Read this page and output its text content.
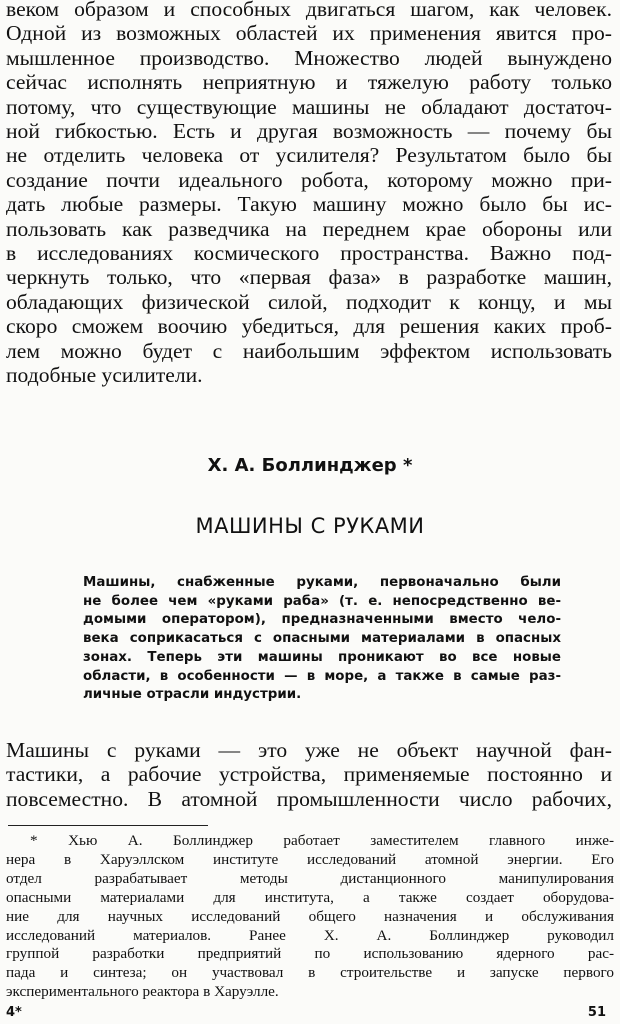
веком образом и способных двигаться шагом, как человек.
Одной из возможных областей их применения явится про-
мышленное производство. Множество людей вынуждено
сейчас исполнять неприятную и тяжелую работу только
потому, что существующие машины не обладают достаточ-
ной гибкостью. Есть и другая возможность — почему бы
не отделить человека от усилителя? Результатом было бы
создание почти идеального робота, которому можно при-
дать любые размеры. Такую машину можно было бы ис-
пользовать как разведчика на переднем крае обороны или
в исследованиях космического пространства. Важно под-
черкнуть только, что «первая фаза» в разработке машин,
обладающих физической силой, подходит к концу, и мы
скоро сможем воочию убедиться, для решения каких проб-
лем можно будет с наибольшим эффектом использовать
подобные усилители.
Х. А. Боллинджер *
МАШИНЫ С РУКАМИ
Машины, снабженные руками, первоначально были
не более чем «руками раба» (т. е. непосредственно ве-
домыми оператором), предназначенными вместо чело-
века соприкасаться с опасными материалами в опасных
зонах. Теперь эти машины проникают во все новые
области, в особенности — в море, а также в самые раз-
личные отрасли индустрии.
Машины с руками — это уже не объект научной фан-
тастики, а рабочие устройства, применяемые постоянно и
повсеместно. В атомной промышленности число рабочих,
* Хью А. Боллинджер работает заместителем главного инже-
нера в Харуэллском институте исследований атомной энергии. Его
отдел разрабатывает методы дистанционного манипулирования
опасными материалами для института, а также создает оборудова-
ние для научных исследований общего назначения и обслуживания
исследований материалов. Ранее Х. А. Боллинджер руководил
группой разработки предприятий по использованию ядерного рас-
пада и синтеза; он участвовал в строительстве и запуске первого
экспериментального реактора в Харуэлле.
4*	51
